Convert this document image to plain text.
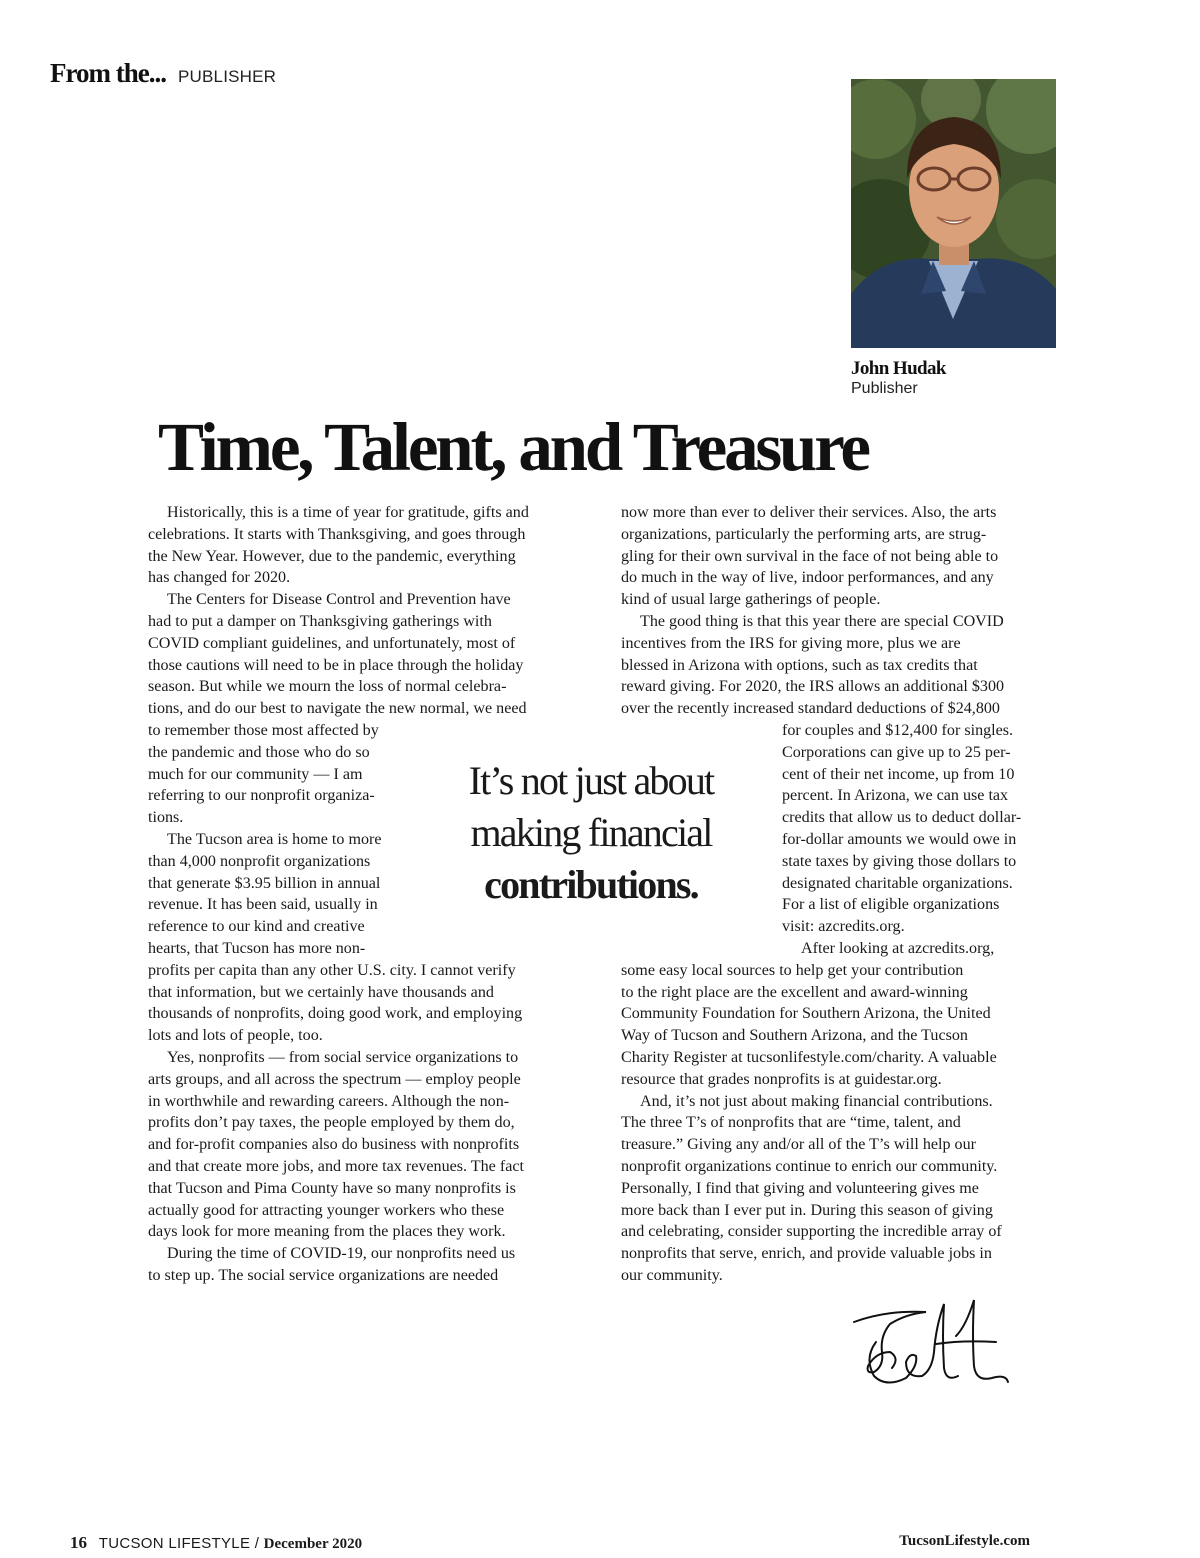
From the... PUBLISHER
John Hudak
Publisher
Time, Talent, and Treasure
Historically, this is a time of year for gratitude, gifts and
celebrations. It starts with Thanksgiving, and goes through
the New Year. However, due to the pandemic, everything
has changed for 2020.
The Centers for Disease Control and Prevention have
had to put a damper on Thanksgiving gatherings with
COVID compliant guidelines, and unfortunately, most of
those cautions will need to be in place through the holiday
season. But while we mourn the loss of normal celebra-
tions, and do our best to navigate the new normal, we need
to remember those most affected by
the pandemic and those who do so
much for our community — I am
referring to our nonprofit organiza-
tions.
The Tucson area is home to more
than 4,000 nonprofit organizations
that generate $3.95 billion in annual
revenue. It has been said, usually in
reference to our kind and creative
hearts, that Tucson has more non-
profits per capita than any other U.S. city. I cannot verify
that information, but we certainly have thousands and
thousands of nonprofits, doing good work, and employing
lots and lots of people, too.
Yes, nonprofits — from social service organizations to
arts groups, and all across the spectrum — employ people
in worthwhile and rewarding careers. Although the non-
profits don’t pay taxes, the people employed by them do,
and for-profit companies also do business with nonprofits
and that create more jobs, and more tax revenues. The fact
that Tucson and Pima County have so many nonprofits is
actually good for attracting younger workers who these
days look for more meaning from the places they work.
During the time of COVID-19, our nonprofits need us
to step up. The social service organizations are needed
now more than ever to deliver their services. Also, the arts
organizations, particularly the performing arts, are strug-
gling for their own survival in the face of not being able to
do much in the way of live, indoor performances, and any
kind of usual large gatherings of people.
The good thing is that this year there are special COVID
incentives from the IRS for giving more, plus we are
blessed in Arizona with options, such as tax credits that
reward giving. For 2020, the IRS allows an additional $300
over the recently increased standard deductions of $24,800
for couples and $12,400 for singles.
Corporations can give up to 25 per-
cent of their net income, up from 10
percent. In Arizona, we can use tax
credits that allow us to deduct dollar-
for-dollar amounts we would owe in
state taxes by giving those dollars to
designated charitable organizations.
For a list of eligible organizations
visit: azcredits.org.
After looking at azcredits.org,
some easy local sources to help get your contribution
to the right place are the excellent and award-winning
Community Foundation for Southern Arizona, the United
Way of Tucson and Southern Arizona, and the Tucson
Charity Register at tucsonlifestyle.com/charity. A valuable
resource that grades nonprofits is at guidestar.org.
And, it’s not just about making financial contributions.
The three T’s of nonprofits that are “time, talent, and
treasure.” Giving any and/or all of the T’s will help our
nonprofit organizations continue to enrich our community.
Personally, I find that giving and volunteering gives me
more back than I ever put in. During this season of giving
and celebrating, consider supporting the incredible array of
nonprofits that serve, enrich, and provide valuable jobs in
our community.
It’s not just about
making financial
contributions.
16 TUCSON LIFESTYLE / December 2020	TucsonLifestyle.com
